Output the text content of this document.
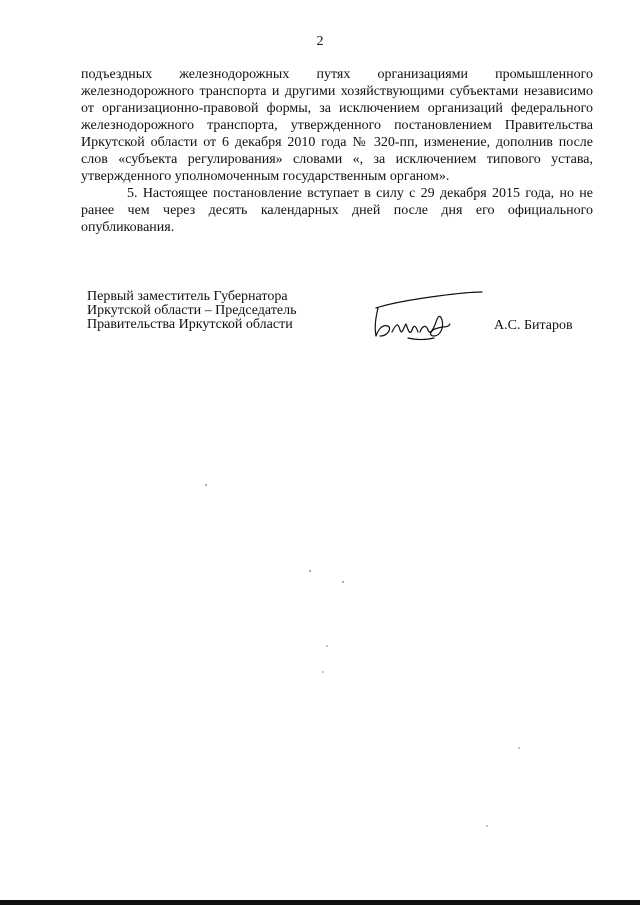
2

подъездных железнодорожных путях организациями промышленного железнодорожного транспорта и другими хозяйствующими субъектами независимо от организационно-правовой формы, за исключением организаций федерального железнодорожного транспорта, утвержденного постановлением Правительства Иркутской области от 6 декабря 2010 года № 320-пп, изменение, дополнив после слов «субъекта регулирования» словами «, за исключением типового устава, утвержденного уполномоченным государственным органом».

5. Настоящее постановление вступает в силу с 29 декабря 2015 года, но не ранее чем через десять календарных дней после дня его официального опубликования.

Первый заместитель Губернатора
Иркутской области – Председатель
Правительства Иркутской области	А.С. Битаров
